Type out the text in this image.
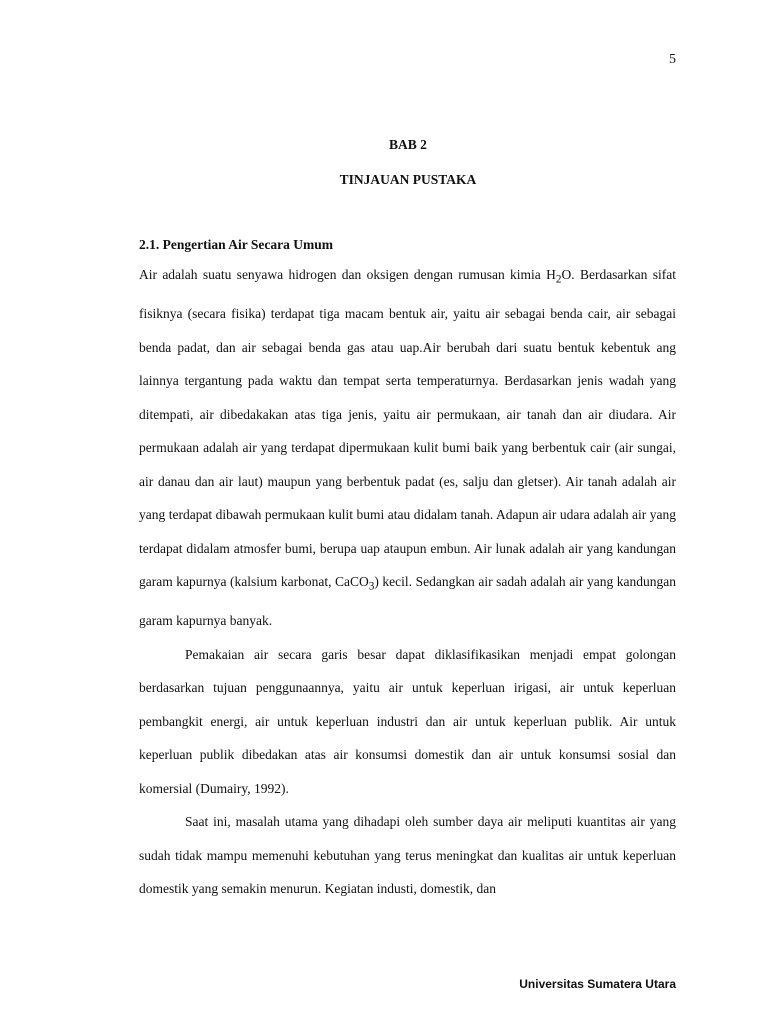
5
BAB 2
TINJAUAN PUSTAKA
2.1. Pengertian Air Secara Umum

Air adalah suatu senyawa hidrogen dan oksigen dengan rumusan kimia $H_2O$. Berdasarkan sifat fisiknya (secara fisika) terdapat tiga macam bentuk air, yaitu air sebagai benda cair, air sebagai benda padat, dan air sebagai benda gas atau uap.Air berubah dari suatu bentuk kebentuk ang lainnya tergantung pada waktu dan tempat serta temperaturnya. Berdasarkan jenis wadah yang ditempati, air dibedakakan atas tiga jenis, yaitu air permukaan, air tanah dan air diudara. Air permukaan adalah air yang terdapat dipermukaan kulit bumi baik yang berbentuk cair (air sungai, air danau dan air laut) maupun yang berbentuk padat (es, salju dan gletser). Air tanah adalah air yang terdapat dibawah permukaan kulit bumi atau didalam tanah. Adapun air udara adalah air yang terdapat didalam atmosfer bumi, berupa uap ataupun embun. Air lunak adalah air yang kandungan garam kapurnya (kalsium karbonat, CaCO$_3$) kecil. Sedangkan air sadah adalah air yang kandungan garam kapurnya banyak.

Pemakaian air secara garis besar dapat diklasifikasikan menjadi empat golongan berdasarkan tujuan penggunaannya, yaitu air untuk keperluan irigasi, air untuk keperluan pembangkit energi, air untuk keperluan industri dan air untuk keperluan publik. Air untuk keperluan publik dibedakan atas air konsumsi domestik dan air untuk konsumsi sosial dan komersial (Dumairy, 1992).

Saat ini, masalah utama yang dihadapi oleh sumber daya air meliputi kuantitas air yang sudah tidak mampu memenuhi kebutuhan yang terus meningkat dan kualitas air untuk keperluan domestik yang semakin menurun. Kegiatan industi, domestik, dan

Universitas Sumatera Utara
